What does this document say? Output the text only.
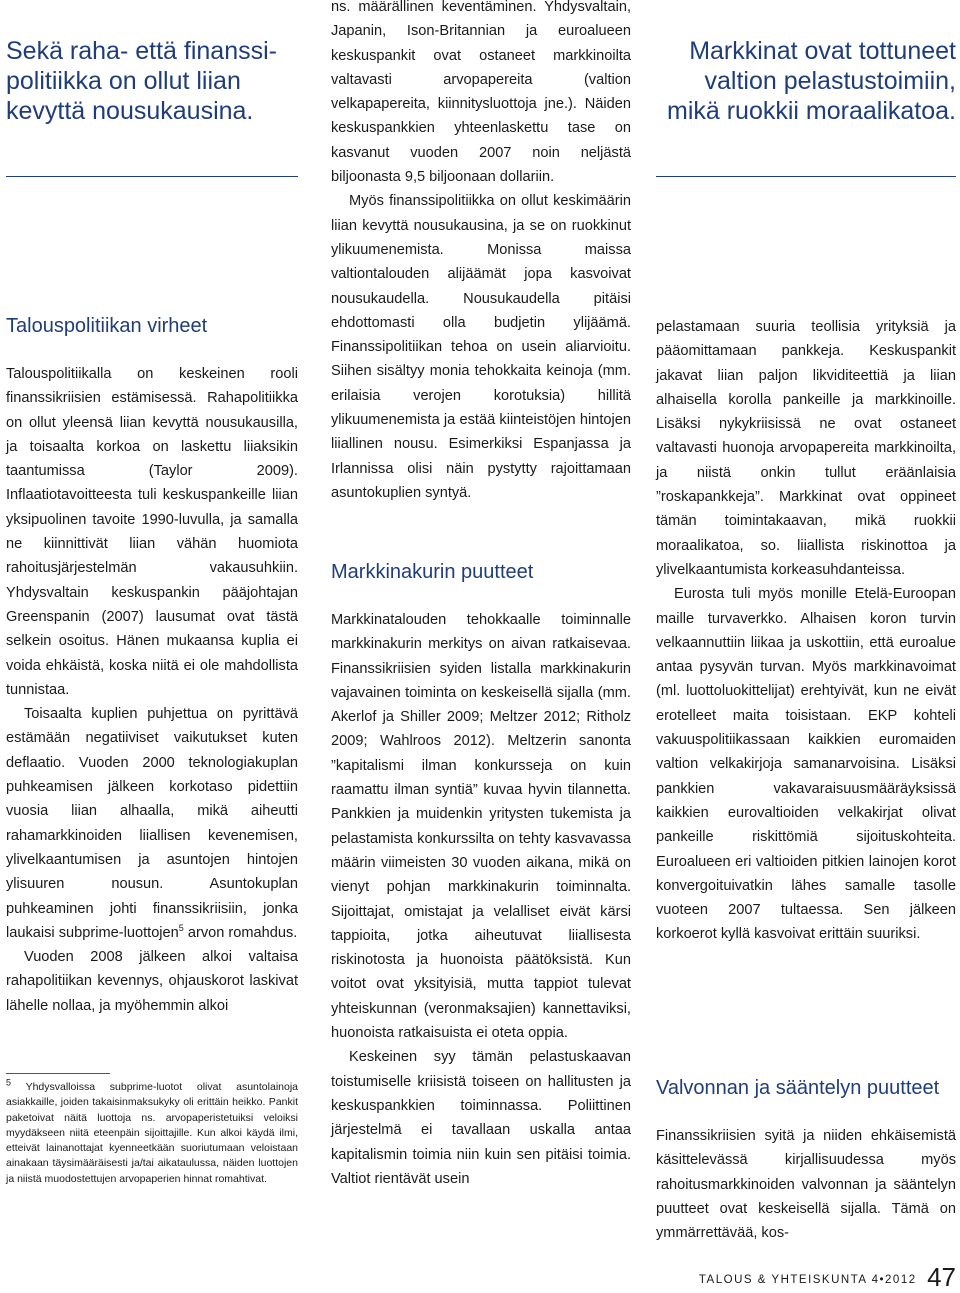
Sekä raha- että finanssi-politiikka on ollut liian kevyttä nousukausina.

Talouspolitiikan virheet

Talouspolitiikalla on keskeinen rooli finanssikriisien estämisessä. Rahapolitiikka on ollut yleensä liian kevyttä nousukausilla, ja toisaalta korkoa on laskettu liiaksikin taantumissa (Taylor 2009). Inflaatiotavoitteesta tuli keskuspankeille liian yksipuolinen tavoite 1990-luvulla, ja samalla ne kiinnittivät liian vähän huomiota rahoitusjärjestelmän vakausuhkiin. Yhdysvaltain keskuspankin pääjohtajan Greenspanin (2007) lausumat ovat tästä selkein osoitus. Hänen mukaansa kuplia ei voida ehkäistä, koska niitä ei ole mahdollista tunnistaa.

Toisaalta kuplien puhjettua on pyrittävä estämään negatiiviset vaikutukset kuten deflaatio. Vuoden 2000 teknologiakuplan puhkeamisen jälkeen korkotaso pidettiin vuosia liian alhaalla, mikä aiheutti rahamarkkinoiden liiallisen kevenemisen, ylivelkaantumisen ja asuntojen hintojen ylisuuren nousun. Asuntokuplan puhkeaminen johti finanssikriisiin, jonka laukaisi subprime-luottojen$^5$ arvon romahdus.

Vuoden 2008 jälkeen alkoi valtaisa rahapolitiikan kevennys, ohjauskorot laskivat lähelle nollaa, ja myöhemmin alkoi

$^5$ Yhdysvalloissa subprime-luotot olivat asuntolainoja asiakkaille, joiden takaisinmaksukyky oli erittäin heikko. Pankit paketoivat näitä luottoja ns. arvopaperistetuiksi veloiksi myydäkseen niitä eteenpäin sijoittajille. Kun alkoi käydä ilmi, etteivät lainanottajat kyenneetkään suoriutumaan veloistaan ainakaan täysimääräisesti ja/tai aikataulussa, näiden luottojen ja niistä muodostettujen arvopaperien hinnat romahtivat.

ns. määrällinen keventäminen. Yhdysvaltain, Japanin, Ison-Britannian ja euroalueen keskuspankit ovat ostaneet markkinoilta valtavasti arvopapereita (valtion velkapapereita, kiinnitysluottoja jne.). Näiden keskuspankkien yhteenlaskettu tase on kasvanut vuoden 2007 noin neljästä biljoonasta 9,5 biljoonaan dollariin.

Myös finanssipolitiikka on ollut keskimäärin liian kevyttä nousukausina, ja se on ruokkinut ylikuumenemista. Monissa maissa valtiontalouden alijäämät jopa kasvoivat nousukaudella. Nousukaudella pitäisi ehdottomasti olla budjetin ylijäämä. Finanssipolitiikan tehoa on usein aliarvioitu. Siihen sisältyy monia tehokkaita keinoja (mm. erilaisia verojen korotuksia) hillitä ylikuumenemista ja estää kiinteistöjen hintojen liiallinen nousu. Esimerkiksi Espanjassa ja Irlannissa olisi näin pystytty rajoittamaan asuntokuplien syntyä.

Markkinakurin puutteet

Markkinatalouden tehokkaalle toiminnalle markkinakurin merkitys on aivan ratkaisevaa. Finanssikriisien syiden listalla markkinakurin vajavainen toiminta on keskeisellä sijalla (mm. Akerlof ja Shiller 2009; Meltzer 2012; Ritholz 2009; Wahlroos 2012). Meltzerin sanonta ”kapitalismi ilman konkursseja on kuin raamattu ilman syntiä” kuvaa hyvin tilannetta. Pankkien ja muidenkin yritysten tukemista ja pelastamista konkurssilta on tehty kasvavassa määrin viimeisten 30 vuoden aikana, mikä on vienyt pohjan markkinakurin toiminnalta. Sijoittajat, omistajat ja velalliset eivät kärsi tappioita, jotka aiheutuvat liiallisesta riskinotosta ja huonoista päätöksistä. Kun voitot ovat yksityisiä, mutta tappiot tulevat yhteiskunnan (veronmaksajien) kannettaviksi, huonoista ratkaisuista ei oteta oppia.

Keskeinen syy tämän pelastuskaavan toistumiselle kriisistä toiseen on hallitusten ja keskuspankkien toiminnassa. Poliittinen järjestelmä ei tavallaan uskalla antaa kapitalismin toimia niin kuin sen pitäisi toimia. Valtiot rientävät usein

Markkinat ovat tottuneet valtion pelastustoimiin, mikä ruokkii moraalikatoa.

pelastamaan suuria teollisia yrityksiä ja pääomittamaan pankkeja. Keskuspankit jakavat liian paljon likviditeettiä ja liian alhaisella korolla pankeille ja markkinoille. Lisäksi nykykriisissä ne ovat ostaneet valtavasti huonoja arvopapereita markkinoilta, ja niistä onkin tullut eräänlaisia ”roskapankkeja”. Markkinat ovat oppineet tämän toimintakaavan, mikä ruokkii moraalikatoa, so. liiallista riskinottoa ja ylivelkaantumista korkeasuhdanteissa.

Eurosta tuli myös monille Etelä-Euroopan maille turvaverkko. Alhaisen koron turvin velkaannuttiin liikaa ja uskottiin, että euroalue antaa pysyvän turvan. Myös markkinavoimat (ml. luottoluokittelijat) erehtyivät, kun ne eivät erotelleet maita toisistaan. EKP kohteli vakuuspolitiikassaan kaikkien euromaiden valtion velkakirjoja samanarvoisina. Lisäksi pankkien vakavaraisuusmääräyksissä kaikkien eurovaltioiden velkakirjat olivat pankeille riskittömiä sijoituskohteita. Euroalueen eri valtioiden pitkien lainojen korot konvergoituivatkin lähes samalle tasolle vuoteen 2007 tultaessa. Sen jälkeen korkoerot kyllä kasvoivat erittäin suuriksi.

Valvonnan ja sääntelyn puutteet

Finanssikriisien syitä ja niiden ehkäisemistä käsittelevässä kirjallisuudessa myös rahoitusmarkkinoiden valvonnan ja sääntelyn puutteet ovat keskeisellä sijalla. Tämä on ymmärrettävää, kos-

TALOUS & YHTEISKUNTA 4•2012 47
